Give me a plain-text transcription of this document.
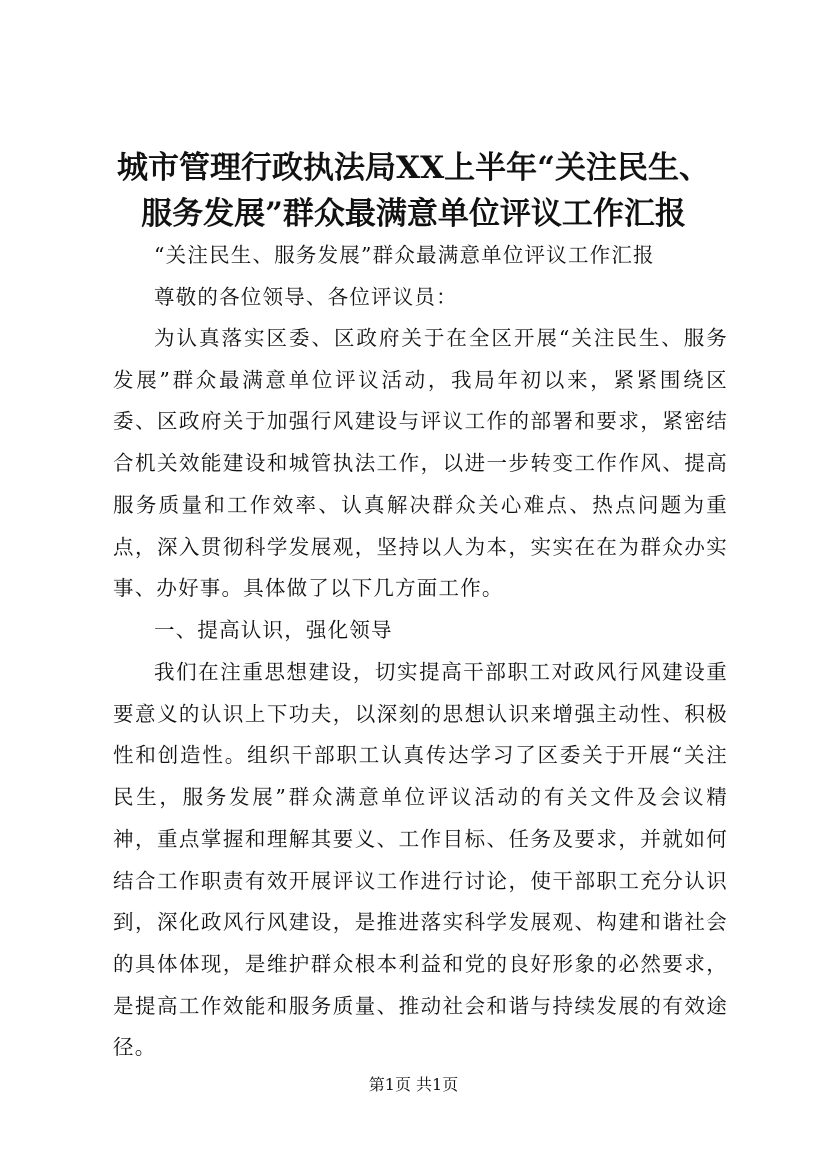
城市管理行政执法局XX上半年“关注民生、
服务发展”群众最满意单位评议工作汇报
“关注民生、服务发展”群众最满意单位评议工作汇报
尊敬的各位领导、各位评议员：

为认真落实区委、区政府关于在全区开展“关注民生、服务发展”群众最满意单位评议活动，我局年初以来，紧紧围绕区委、区政府关于加强行风建设与评议工作的部署和要求，紧密结合机关效能建设和城管执法工作，以进一步转变工作作风、提高服务质量和工作效率、认真解决群众关心难点、热点问题为重点，深入贯彻科学发展观，坚持以人为本，实实在在为群众办实事、办好事。具体做了以下几方面工作。

一、提高认识，强化领导

我们在注重思想建设，切实提高干部职工对政风行风建设重要意义的认识上下功夫，以深刻的思想认识来增强主动性、积极性和创造性。组织干部职工认真传达学习了区委关于开展“关注民生，服务发展”群众满意单位评议活动的有关文件及会议精神，重点掌握和理解其要义、工作目标、任务及要求，并就如何结合工作职责有效开展评议工作进行讨论，使干部职工充分认识到，深化政风行风建设，是推进落实科学发展观、构建和谐社会的具体体现，是维护群众根本利益和党的良好形象的必然要求，是提高工作效能和服务质量、推动社会和谐与持续发展的有效途径。

第1页 共1页
